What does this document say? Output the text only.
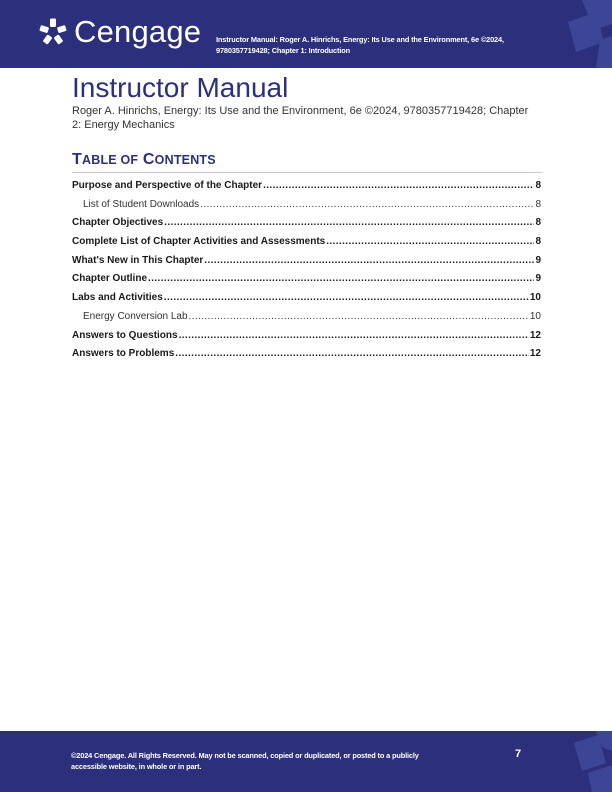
Cengage Instructor Manual: Roger A. Hinrichs, Energy: Its Use and the Environment, 6e ©2024, 9780357719428; Chapter 1: Introduction
Instructor Manual
Roger A. Hinrichs, Energy: Its Use and the Environment, 6e ©2024, 9780357719428; Chapter 2: Energy Mechanics
TABLE OF CONTENTS
Purpose and Perspective of the Chapter .....	8
List of Student Downloads .....	8
Chapter Objectives .....	8
Complete List of Chapter Activities and Assessments .....	8
What's New in This Chapter .....	9
Chapter Outline .....	9
Labs and Activities .....	10
Energy Conversion Lab .....	10
Answers to Questions .....	12
Answers to Problems .....	12
©2024 Cengage. All Rights Reserved. May not be scanned, copied or duplicated, or posted to a publicly accessible website, in whole or in part.
7
